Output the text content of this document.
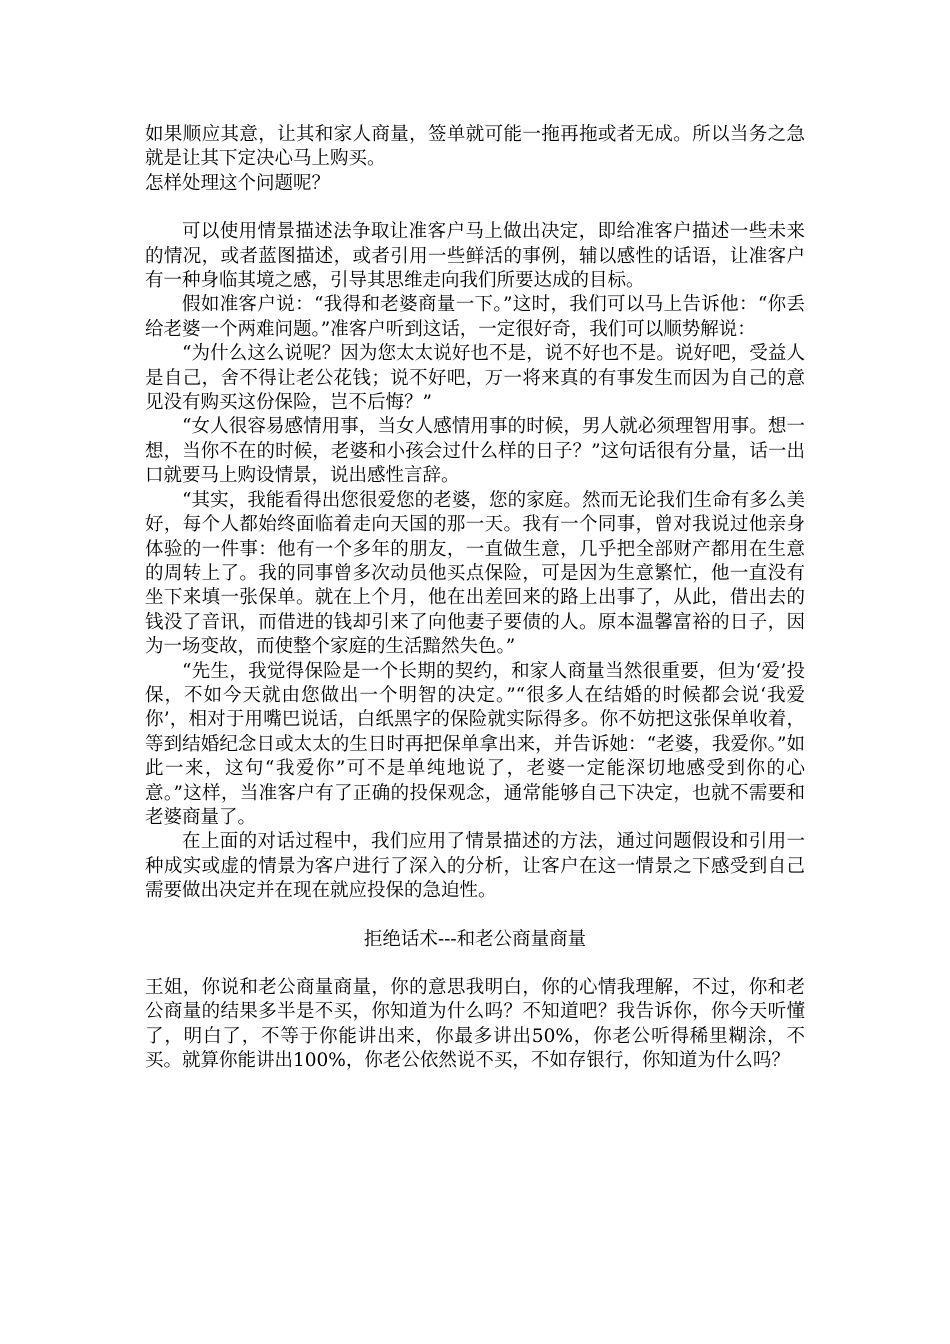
如果顺应其意，让其和家人商量，签单就可能一拖再拖或者无成。所以当务之急就是让其下定决心马上购买。

怎样处理这个问题呢？

可以使用情景描述法争取让准客户马上做出决定，即给准客户描述一些未来的情况，或者蓝图描述，或者引用一些鲜活的事例，辅以感性的话语，让准客户有一种身临其境之感，引导其思维走向我们所要达成的目标。

假如准客户说：“我得和老婆商量一下。”这时，我们可以马上告诉他：“你丢给老婆一个两难问题。”准客户听到这话，一定很好奇，我们可以顺势解说：

“为什么这么说呢？因为您太太说好也不是，说不好也不是。说好吧，受益人是自己，舍不得让老公花钱；说不好吧，万一将来真的有事发生而因为自己的意见没有购买这份保险，岂不后悔？”

“女人很容易感情用事，当女人感情用事的时候，男人就必须理智用事。想一想，当你不在的时候，老婆和小孩会过什么样的日子？”这句话很有分量，话一出口就要马上购设情景，说出感性言辞。

“其实，我能看得出您很爱您的老婆，您的家庭。然而无论我们生命有多么美好，每个人都始终面临着走向天国的那一天。我有一个同事，曾对我说过他亲身体验的一件事：他有一个多年的朋友，一直做生意，几乎把全部财产都用在生意的周转上了。我的同事曾多次动员他买点保险，可是因为生意繁忙，他一直没有坐下来填一张保单。就在上个月，他在出差回来的路上出事了，从此，借出去的钱没了音讯，而借进的钱却引来了向他妻子要债的人。原本温馨富裕的日子，因为一场变故，而使整个家庭的生活黯然失色。”

“先生，我觉得保险是一个长期的契约，和家人商量当然很重要，但为‘爱’投保，不如今天就由您做出一个明智的决定。”“很多人在结婚的时候都会说‘我爱你’，相对于用嘴巴说话，白纸黑字的保险就实际得多。你不妨把这张保单收着，等到结婚纪念日或太太的生日时再把保单拿出来，并告诉她：“老婆，我爱你。”如此一来，这句“我爱你”可不是单纯地说了，老婆一定能深切地感受到你的心意。”这样，当准客户有了正确的投保观念，通常能够自己下决定，也就不需要和老婆商量了。

在上面的对话过程中，我们应用了情景描述的方法，通过问题假设和引用一种成实或虚的情景为客户进行了深入的分析，让客户在这一情景之下感受到自己需要做出决定并在现在就应投保的急迫性。

拒绝话术---和老公商量商量

王姐，你说和老公商量商量，你的意思我明白，你的心情我理解，不过，你和老公商量的结果多半是不买，你知道为什么吗？不知道吧？我告诉你，你今天听懂了，明白了，不等于你能讲出来，你最多讲出50%，你老公听得稀里糊涂，不买。就算你能讲出100%，你老公依然说不买，不如存银行，你知道为什么吗？
